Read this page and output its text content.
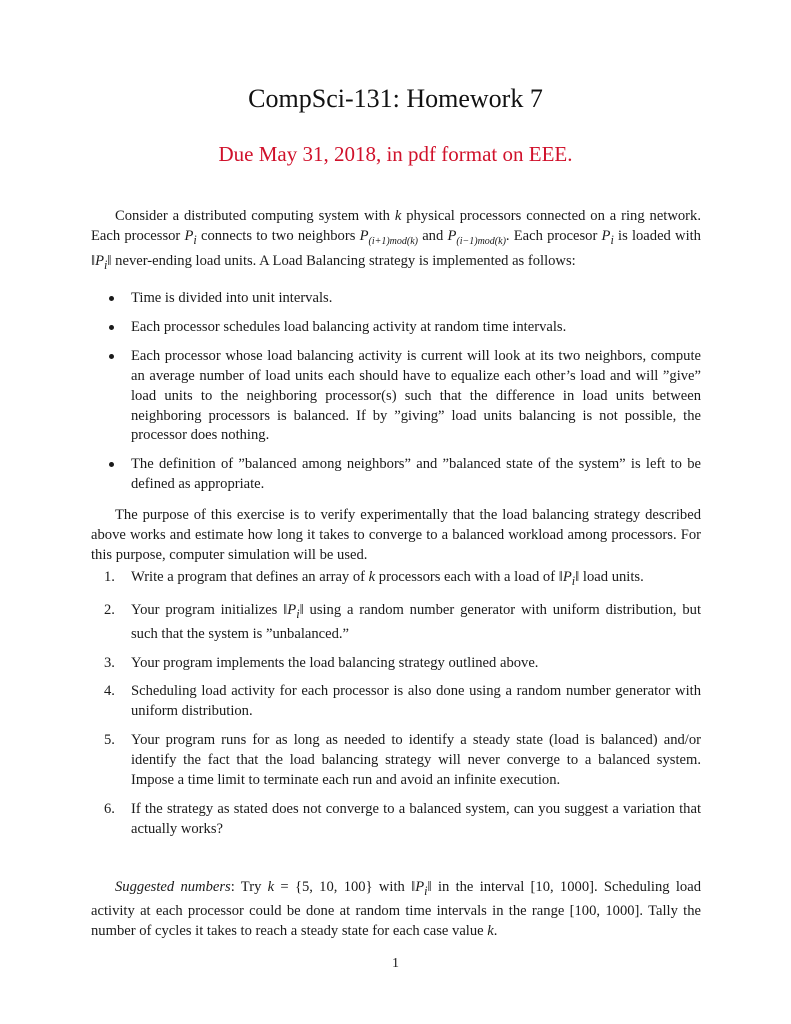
CompSci-131: Homework 7
Due May 31, 2018, in pdf format on EEE.
Consider a distributed computing system with k physical processors connected on a ring network. Each processor $P_i$ connects to two neighbors $P_{(i+1)mod(k)}$ and $P_{(i-1)mod(k)}$. Each procesor $P_i$ is loaded with $‖P_i‖$ never-ending load units. A Load Balancing strategy is implemented as follows:
Time is divided into unit intervals.
Each processor schedules load balancing activity at random time intervals.
Each processor whose load balancing activity is current will look at its two neighbors, compute an average number of load units each should have to equalize each other’s load and will ”give” load units to the neighboring processor(s) such that the difference in load units between neighboring processors is balanced. If by ”giving” load units balancing is not possible, the processor does nothing.
The definition of ”balanced among neighbors” and ”balanced state of the system” is left to be defined as appropriate.
The purpose of this exercise is to verify experimentally that the load balancing strategy described above works and estimate how long it takes to converge to a balanced workload among processors. For this purpose, computer simulation will be used.
1. Write a program that defines an array of k processors each with a load of $‖P_i‖$ load units.
2. Your program initializes $‖P_i‖$ using a random number generator with uniform distribution, but such that the system is ”unbalanced.”
3. Your program implements the load balancing strategy outlined above.
4. Scheduling load activity for each processor is also done using a random number generator with uniform distribution.
5. Your program runs for as long as needed to identify a steady state (load is balanced) and/or identify the fact that the load balancing strategy will never converge to a balanced system. Impose a time limit to terminate each run and avoid an infinite execution.
6. If the strategy as stated does not converge to a balanced system, can you suggest a variation that actually works?
Suggested numbers: Try k = {5, 10, 100} with $‖P_i‖$ in the interval [10, 1000]. Scheduling load activity at each processor could be done at random time intervals in the range [100, 1000]. Tally the number of cycles it takes to reach a steady state for each case value k.
1
